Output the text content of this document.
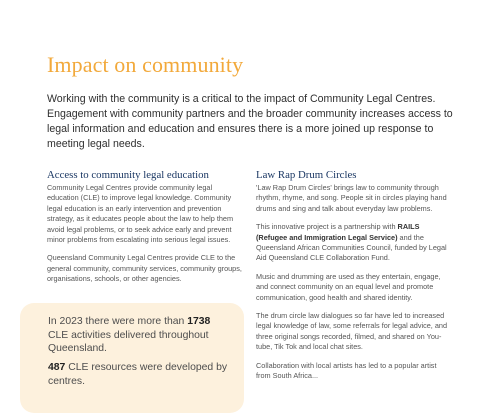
Impact on community

Working with the community is a critical to the impact of Community Legal Centres. Engagement with community partners and the broader community increases access to legal information and education and ensures there is a more joined up response to meeting legal needs.

Access to community legal education

Community Legal Centres provide community legal education (CLE) to improve legal knowledge. Community legal education is an early intervention and prevention strategy, as it educates people about the law to help them avoid legal problems, or to seek advice early and prevent minor problems from escalating into serious legal issues.

Queensland Community Legal Centres provide CLE to the general community, community services, community groups, organisations, schools, or other agencies.

In 2023 there were more than 1738 CLE activities delivered throughout Queensland.

487 CLE resources were developed by centres.

Law Rap Drum Circles

'Law Rap Drum Circles' brings law to community through rhythm, rhyme, and song. People sit in circles playing hand drums and sing and talk about everyday law problems.

This innovative project is a partnership with RAILS (Refugee and Immigration Legal Service) and the Queensland African Communities Council, funded by Legal Aid Queensland CLE Collaboration Fund.

Music and drumming are used as they entertain, engage, and connect community on an equal level and promote communication, good health and shared identity.

The drum circle law dialogues so far have led to increased legal knowledge of law, some referrals for legal advice, and three original songs recorded, filmed, and shared on You-tube, Tik Tok and local chat sites.

Collaboration with local artists has led to a popular artist from South Africa...
